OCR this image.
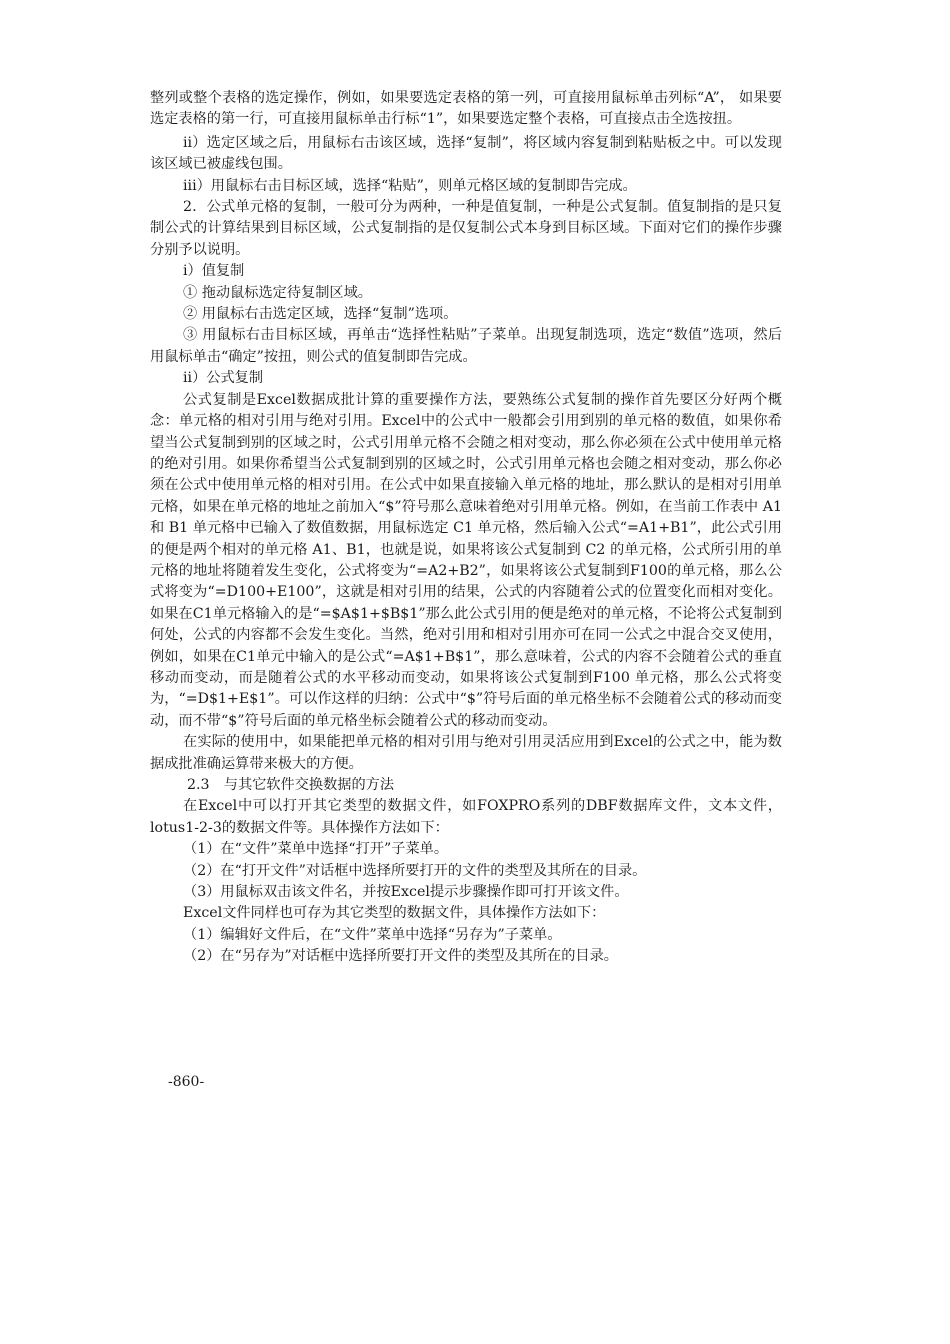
整列或整个表格的选定操作，例如，如果要选定表格的第一列，可直接用鼠标单击列标“A”， 如果要选定表格的第一行，可直接用鼠标单击行标“1”，如果要选定整个表格，可直接点击全选按扭。

ii）选定区域之后，用鼠标右击该区域，选择“复制”，将区域内容复制到粘贴板之中。可以发现该区域已被虚线包围。

iii）用鼠标右击目标区域，选择“粘贴”，则单元格区域的复制即告完成。

2．公式单元格的复制，一般可分为两种，一种是值复制，一种是公式复制。值复制指的是只复制公式的计算结果到目标区域，公式复制指的是仅复制公式本身到目标区域。下面对它们的操作步骤分别予以说明。

i）值复制

① 拖动鼠标选定待复制区域。

② 用鼠标右击选定区域，选择“复制”选项。

③ 用鼠标右击目标区域，再单击“选择性粘贴”子菜单。出现复制选项，选定“数值”选项，然后用鼠标单击“确定”按扭，则公式的值复制即告完成。

ii）公式复制

公式复制是Excel数据成批计算的重要操作方法，要熟练公式复制的操作首先要区分好两个概念：单元格的相对引用与绝对引用。Excel中的公式中一般都会引用到别的单元格的数值，如果你希望当公式复制到别的区域之时，公式引用单元格不会随之相对变动，那么你必须在公式中使用单元格的绝对引用。如果你希望当公式复制到别的区域之时，公式引用单元格也会随之相对变动，那么你必须在公式中使用单元格的相对引用。在公式中如果直接输入单元格的地址，那么默认的是相对引用单元格，如果在单元格的地址之前加入“$”符号那么意味着绝对引用单元格。例如，在当前工作表中 A1 和 B1 单元格中已输入了数值数据，用鼠标选定 C1 单元格，然后输入公式“=A1+B1”，此公式引用的便是两个相对的单元格 A1、B1，也就是说，如果将该公式复制到 C2 的单元格，公式所引用的单元格的地址将随着发生变化，公式将变为“=A2+B2”，如果将该公式复制到F100的单元格，那么公式将变为“=D100+E100”，这就是相对引用的结果，公式的内容随着公式的位置变化而相对变化。如果在C1单元格输入的是“=$A$1+$B$1”那么此公式引用的便是绝对的单元格，不论将公式复制到何处，公式的内容都不会发生变化。当然，绝对引用和相对引用亦可在同一公式之中混合交叉使用，例如，如果在C1单元中输入的是公式“=A$1+B$1”，那么意味着，公式的内容不会随着公式的垂直移动而变动，而是随着公式的水平移动而变动，如果将该公式复制到F100 单元格，那么公式将变为，“=D$1+E$1”。可以作这样的归纳：公式中“$”符号后面的单元格坐标不会随着公式的移动而变动，而不带“$”符号后面的单元格坐标会随着公式的移动而变动。

在实际的使用中，如果能把单元格的相对引用与绝对引用灵活应用到Excel的公式之中，能为数据成批准确运算带来极大的方便。

2.3　与其它软件交换数据的方法

在Excel中可以打开其它类型的数据文件，如FOXPRO系列的DBF数据库文件，文本文件，lotus1-2-3的数据文件等。具体操作方法如下：

（1）在“文件”菜单中选择“打开”子菜单。

（2）在“打开文件”对话框中选择所要打开的文件的类型及其所在的目录。

（3）用鼠标双击该文件名，并按Excel提示步骤操作即可打开该文件。

Excel文件同样也可存为其它类型的数据文件，具体操作方法如下：

（1）编辑好文件后，在“文件”菜单中选择“另存为”子菜单。

（2）在“另存为”对话框中选择所要打开文件的类型及其所在的目录。

-860-
